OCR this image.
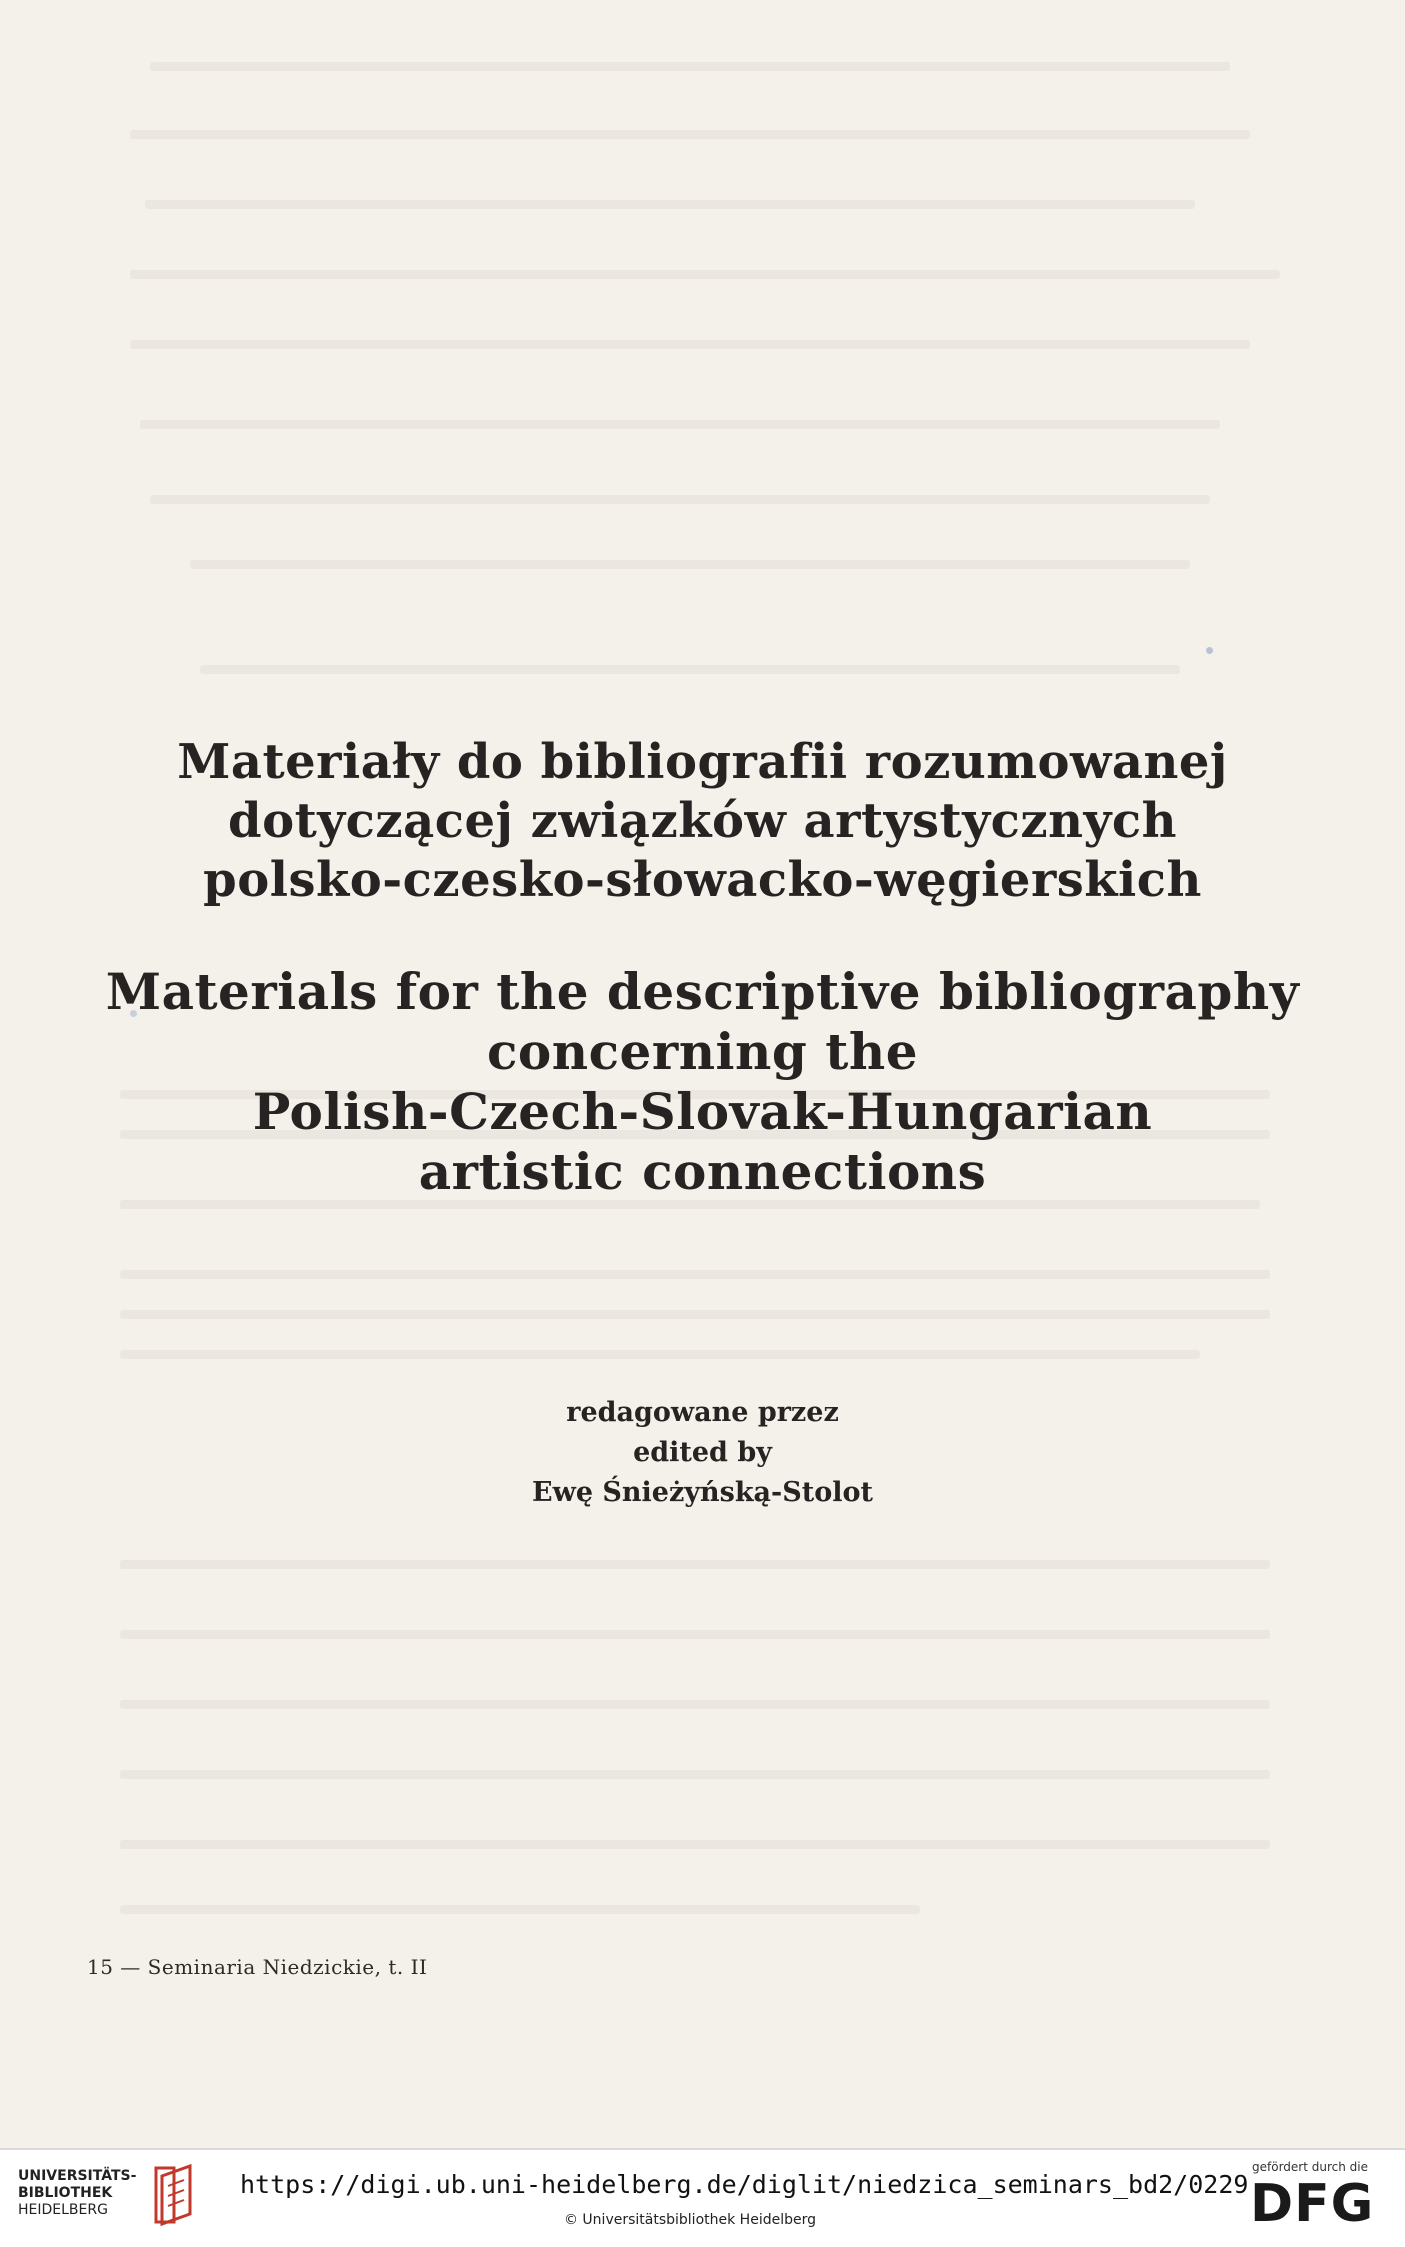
Materiały do bibliografii rozumowanej
dotyczącej związków artystycznych
polsko-czesko-słowacko-węgierskich
Materials for the descriptive bibliography
concerning the
Polish-Czech-Slovak-Hungarian
artistic connections
redagowane przez
edited by
Ewę Śnieżyńską-Stolot
15 — Seminaria Niedzickie, t. II
UNIVERSITÄTS-
BIBLIOTHEK
HEIDELBERG
https://digi.ub.uni-heidelberg.de/diglit/niedzica_seminars_bd2/0229
© Universitätsbibliothek Heidelberg
gefördert durch die
DFG
